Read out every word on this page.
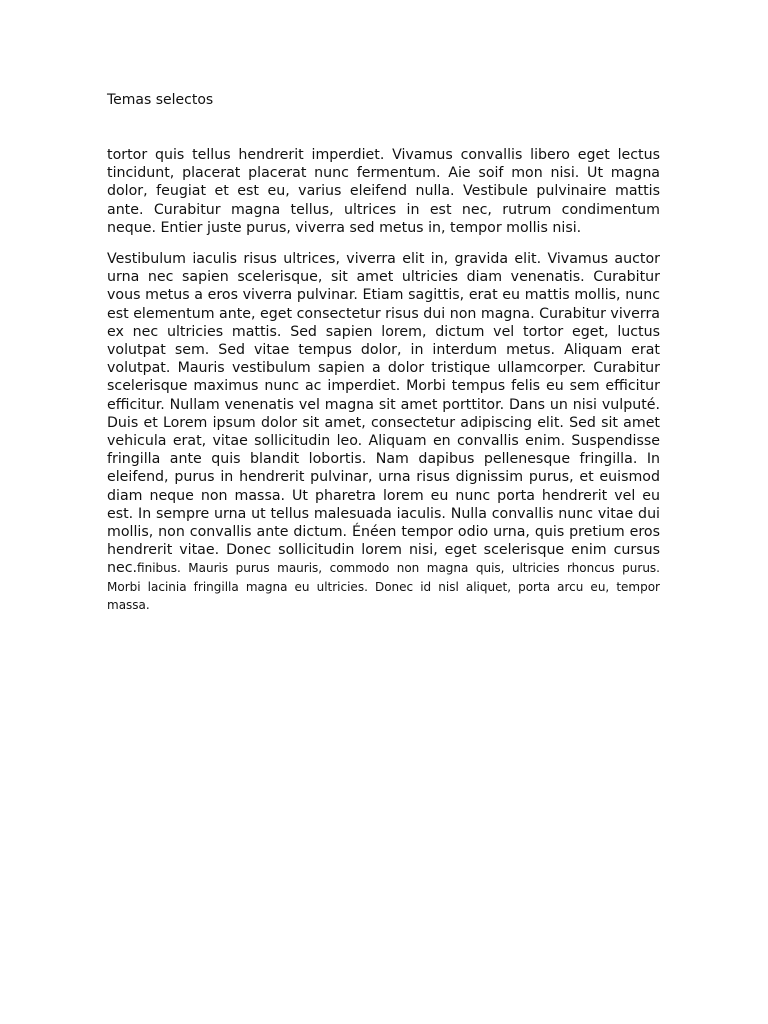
Temas selectos

tortor quis tellus hendrerit imperdiet. Vivamus convallis libero eget lectus tincidunt, placerat placerat nunc fermentum. Aie soif mon nisi. Ut magna dolor, feugiat et est eu, varius eleifend nulla. Vestibule pulvinaire mattis ante. Curabitur magna tellus, ultrices in est nec, rutrum condimentum neque. Entier juste purus, viverra sed metus in, tempor mollis nisi.

Vestibulum iaculis risus ultrices, viverra elit in, gravida elit. Vivamus auctor urna nec sapien scelerisque, sit amet ultricies diam venenatis. Curabitur vous metus a eros viverra pulvinar. Etiam sagittis, erat eu mattis mollis, nunc est elementum ante, eget consectetur risus dui non magna. Curabitur viverra ex nec ultricies mattis. Sed sapien lorem, dictum vel tortor eget, luctus volutpat sem. Sed vitae tempus dolor, in interdum metus. Aliquam erat volutpat. Mauris vestibulum sapien a dolor tristique ullamcorper. Curabitur scelerisque maximus nunc ac imperdiet. Morbi tempus felis eu sem efficitur efficitur. Nullam venenatis vel magna sit amet porttitor. Dans un nisi vulputé. Duis et Lorem ipsum dolor sit amet, consectetur adipiscing elit. Sed sit amet vehicula erat, vitae sollicitudin leo. Aliquam en convallis enim. Suspendisse fringilla ante quis blandit lobortis. Nam dapibus pellenesque fringilla. In eleifend, purus in hendrerit pulvinar, urna risus dignissim purus, et euismod diam neque non massa. Ut pharetra lorem eu nunc porta hendrerit vel eu est. In sempre urna ut tellus malesuada iaculis. Nulla convallis nunc vitae dui mollis, non convallis ante dictum. Énéen tempor odio urna, quis pretium eros hendrerit vitae. Donec sollicitudin lorem nisi, eget scelerisque enim cursus nec.finibus. Mauris purus mauris, commodo non magna quis, ultricies rhoncus purus. Morbi lacinia fringilla magna eu ultricies. Donec id nisl aliquet, porta arcu eu, tempor massa.
